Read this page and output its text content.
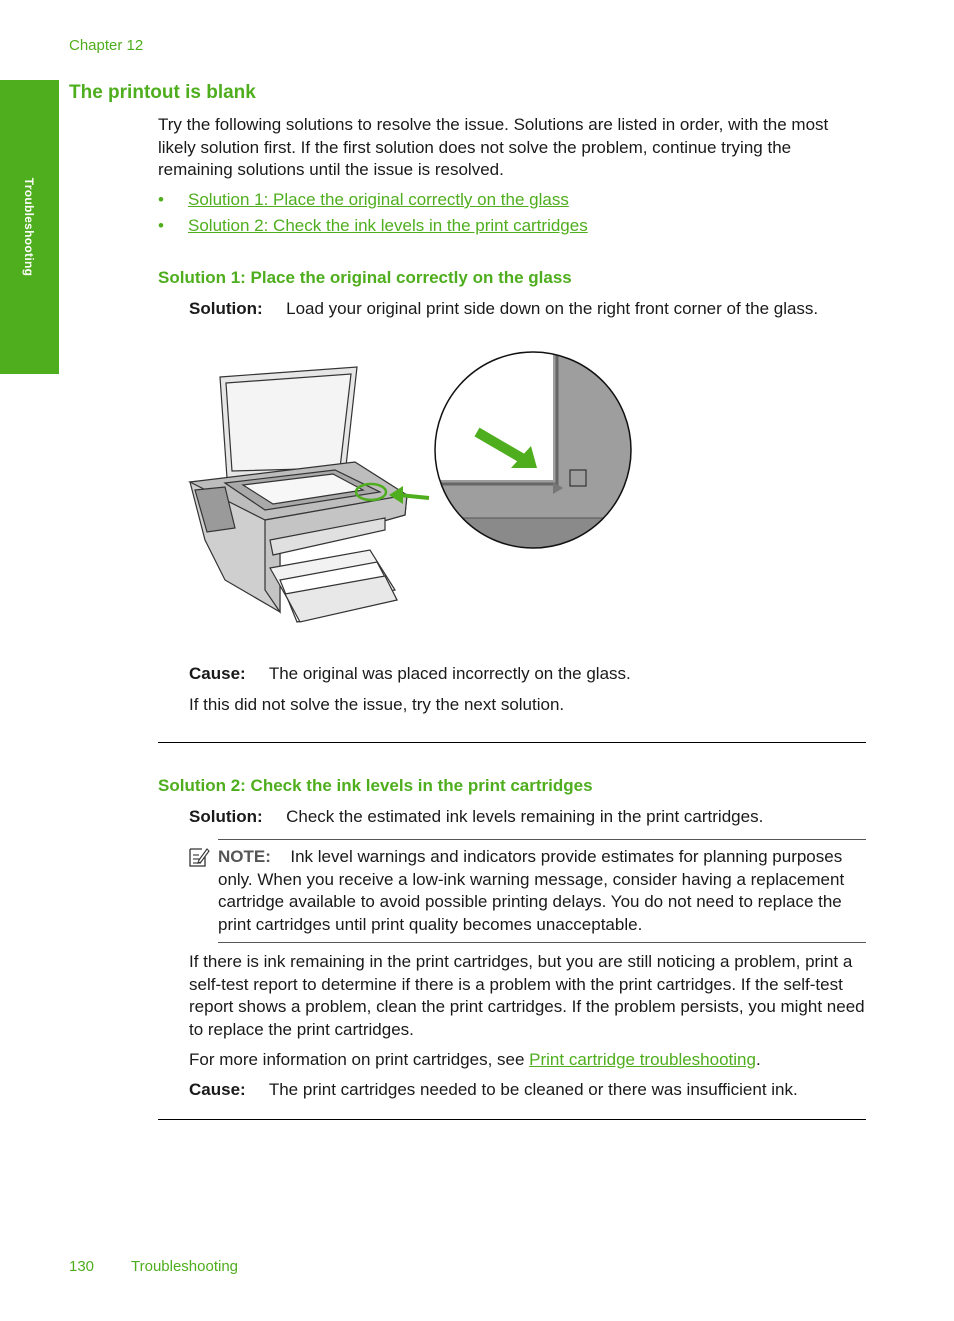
Chapter 12
Troubleshooting
The printout is blank
Try the following solutions to resolve the issue. Solutions are listed in order, with the most likely solution first. If the first solution does not solve the problem, continue trying the remaining solutions until the issue is resolved.
• Solution 1: Place the original correctly on the glass
• Solution 2: Check the ink levels in the print cartridges
Solution 1: Place the original correctly on the glass
Solution: Load your original print side down on the right front corner of the glass.
Cause: The original was placed incorrectly on the glass.
If this did not solve the issue, try the next solution.
Solution 2: Check the ink levels in the print cartridges
Solution: Check the estimated ink levels remaining in the print cartridges.
NOTE: Ink level warnings and indicators provide estimates for planning purposes only. When you receive a low-ink warning message, consider having a replacement cartridge available to avoid possible printing delays. You do not need to replace the print cartridges until print quality becomes unacceptable.
If there is ink remaining in the print cartridges, but you are still noticing a problem, print a self-test report to determine if there is a problem with the print cartridges. If the self-test report shows a problem, clean the print cartridges. If the problem persists, you might need to replace the print cartridges.
For more information on print cartridges, see Print cartridge troubleshooting.
Cause: The print cartridges needed to be cleaned or there was insufficient ink.
130 Troubleshooting
